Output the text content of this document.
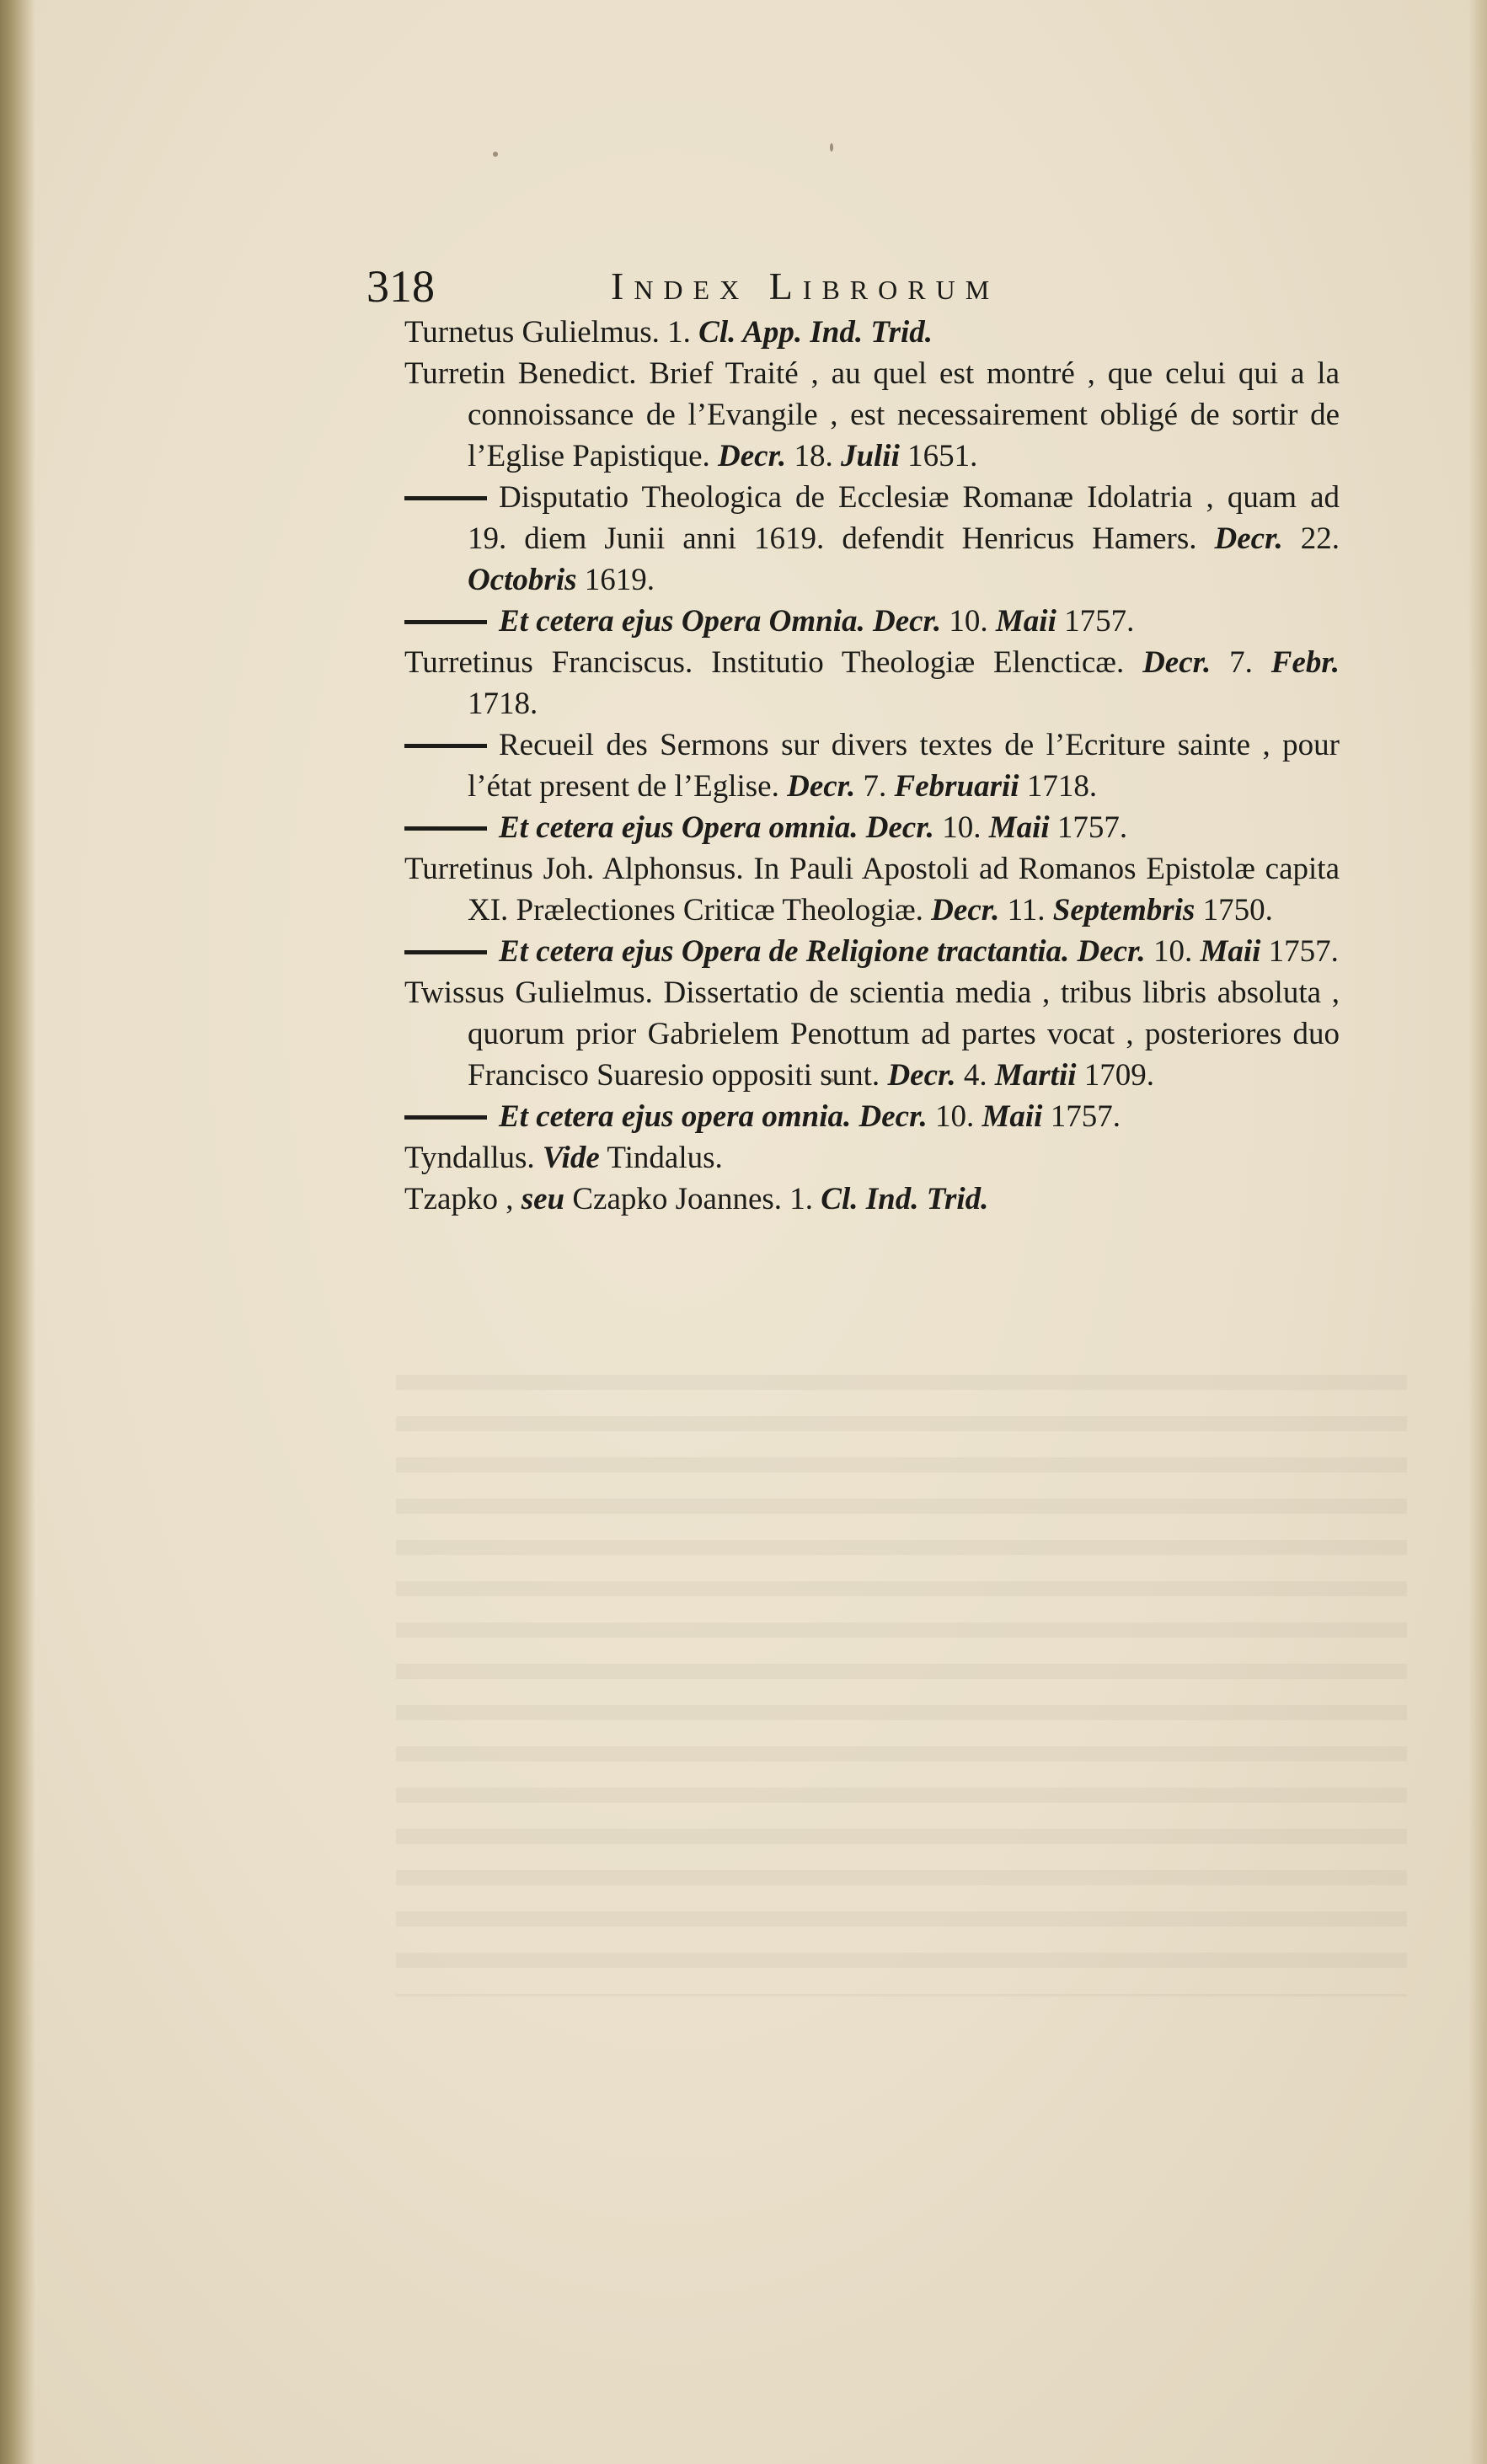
318	Index Librorum

Turnetus Gulielmus. 1. Cl. App. Ind. Trid.

Turretin Benedict. Brief Traité , au quel est montré , que celui qui a la connoissance de l’Evangile , est necessairement obligé de sortir de l’Eglise Papistique. Decr. 18. Julii 1651.

Disputatio Theologica de Ecclesiæ Romanæ Idolatria , quam ad 19. diem Junii anni 1619. defendit Henricus Hamers. Decr. 22. Octobris 1619.

Et cetera ejus Opera Omnia. Decr. 10. Maii 1757.

Turretinus Franciscus. Institutio Theologiæ Elencticæ. Decr. 7. Febr. 1718.

Recueil des Sermons sur divers textes de l’Ecriture sainte , pour l’état present de l’Eglise. Decr. 7. Februarii 1718.

Et cetera ejus Opera omnia. Decr. 10. Maii 1757.

Turretinus Joh. Alphonsus. In Pauli Apostoli ad Romanos Epistolæ capita XI. Prælectiones Criticæ Theologiæ. Decr. 11. Septembris 1750.

Et cetera ejus Opera de Religione tractantia. Decr. 10. Maii 1757.

Twissus Gulielmus. Dissertatio de scientia media , tribus libris absoluta , quorum prior Gabrielem Penottum ad partes vocat , posteriores duo Francisco Suaresio oppositi sunt. Decr. 4. Martii 1709.

Et cetera ejus opera omnia. Decr. 10. Maii 1757.

Tyndallus. Vide Tindalus.

Tzapko , seu Czapko Joannes. 1. Cl. Ind. Trid.
